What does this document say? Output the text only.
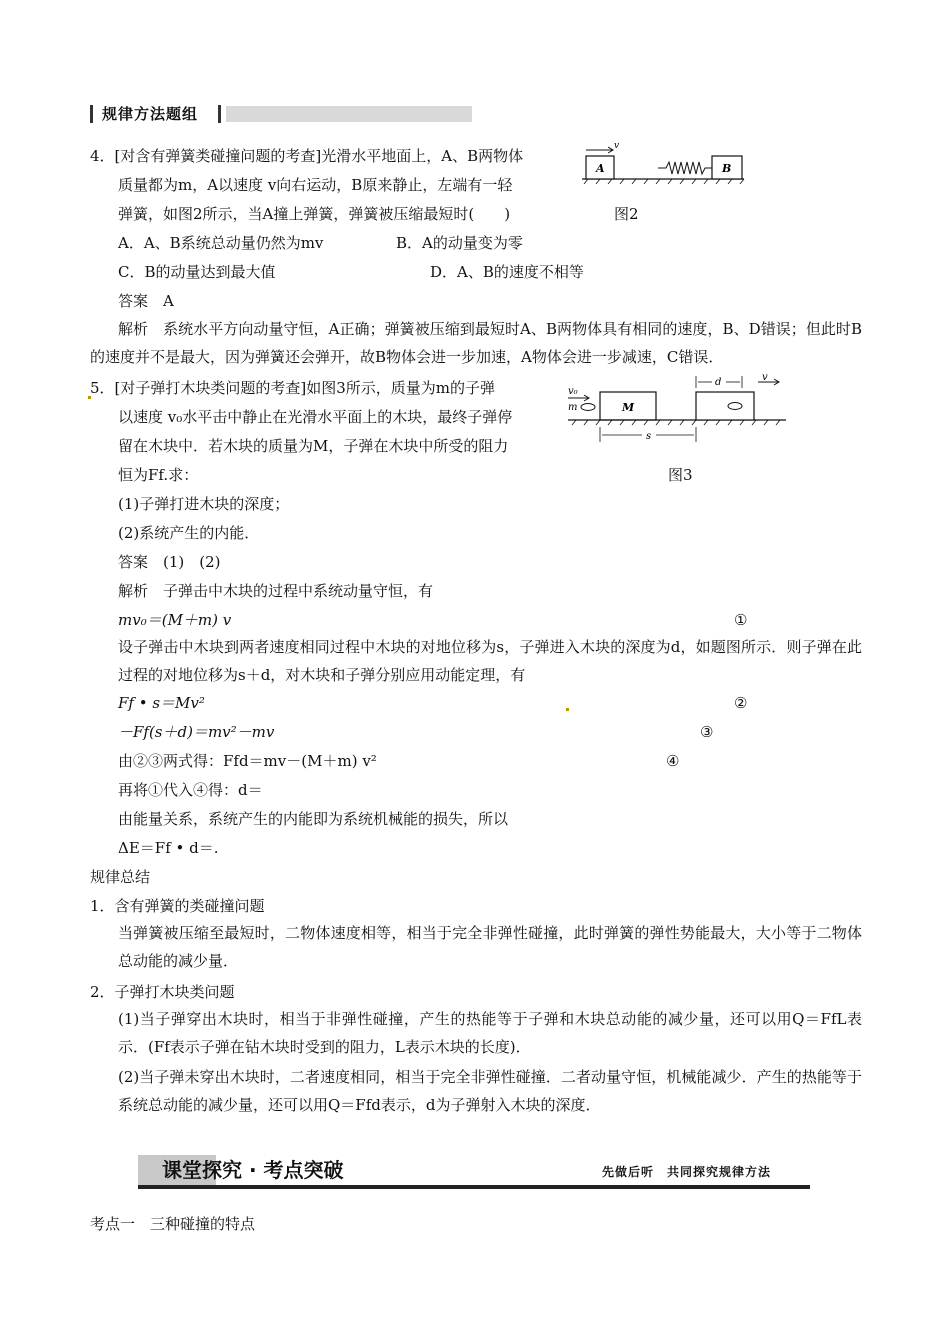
规律方法题组
4．[对含有弹簧类碰撞问题的考查]光滑水平地面上，A、B两物体
质量都为m，A以速度 v向右运动，B原来静止，左端有一轻
弹簧，如图2所示，当A撞上弹簧，弹簧被压缩最短时(　　)	图2
A
v
B
A．A、B系统总动量仍然为mv	B．A的动量变为零
C．B的动量达到最大值	D．A、B的速度不相等
答案　A
解析　系统水平方向动量守恒，A正确；弹簧被压缩到最短时A、B两物体具有相同的速度，B、D错误；但此时B的速度并不是最大，因为弹簧还会弹开，故B物体会进一步加速，A物体会进一步减速，C错误．
5．[对子弹打木块类问题的考查]如图3所示，质量为m的子弹
以速度 v₀水平击中静止在光滑水平面上的木块，最终子弹停
留在木块中．若木块的质量为M，子弹在木块中所受的阻力
恒为Ff.求：	图3
v₀
m	M
d	v
s
(1)子弹打进木块的深度；
(2)系统产生的内能．
答案　(1)　(2)
解析　子弹击中木块的过程中系统动量守恒，有
mv₀＝(M＋m) v	①
设子弹击中木块到两者速度相同过程中木块的对地位移为s，子弹进入木块的深度为d，如题图所示．则子弹在此过程的对地位移为s＋d，对木块和子弹分别应用动能定理，有
Ff • s＝Mv²	②
－Ff(s＋d)＝mv²－mv	③
由②③两式得：Ffd＝mv－(M＋m) v²	④
再将①代入④得：d＝
由能量关系，系统产生的内能即为系统机械能的损失，所以
ΔE＝Ff • d＝.
规律总结
1．含有弹簧的类碰撞问题
当弹簧被压缩至最短时，二物体速度相等，相当于完全非弹性碰撞，此时弹簧的弹性势能最大，大小等于二物体总动能的减少量．
2．子弹打木块类问题
(1)当子弹穿出木块时，相当于非弹性碰撞，产生的热能等于子弹和木块总动能的减少量，还可以用Q＝FfL表示．(Ff表示子弹在钻木块时受到的阻力，L表示木块的长度)．
(2)当子弹未穿出木块时，二者速度相同，相当于完全非弹性碰撞．二者动量守恒，机械能减少．产生的热能等于系统总动能的减少量，还可以用Q＝Ffd表示，d为子弹射入木块的深度．
课堂探究 · 考点突破	先做后听　共同探究规律方法
考点一　三种碰撞的特点
